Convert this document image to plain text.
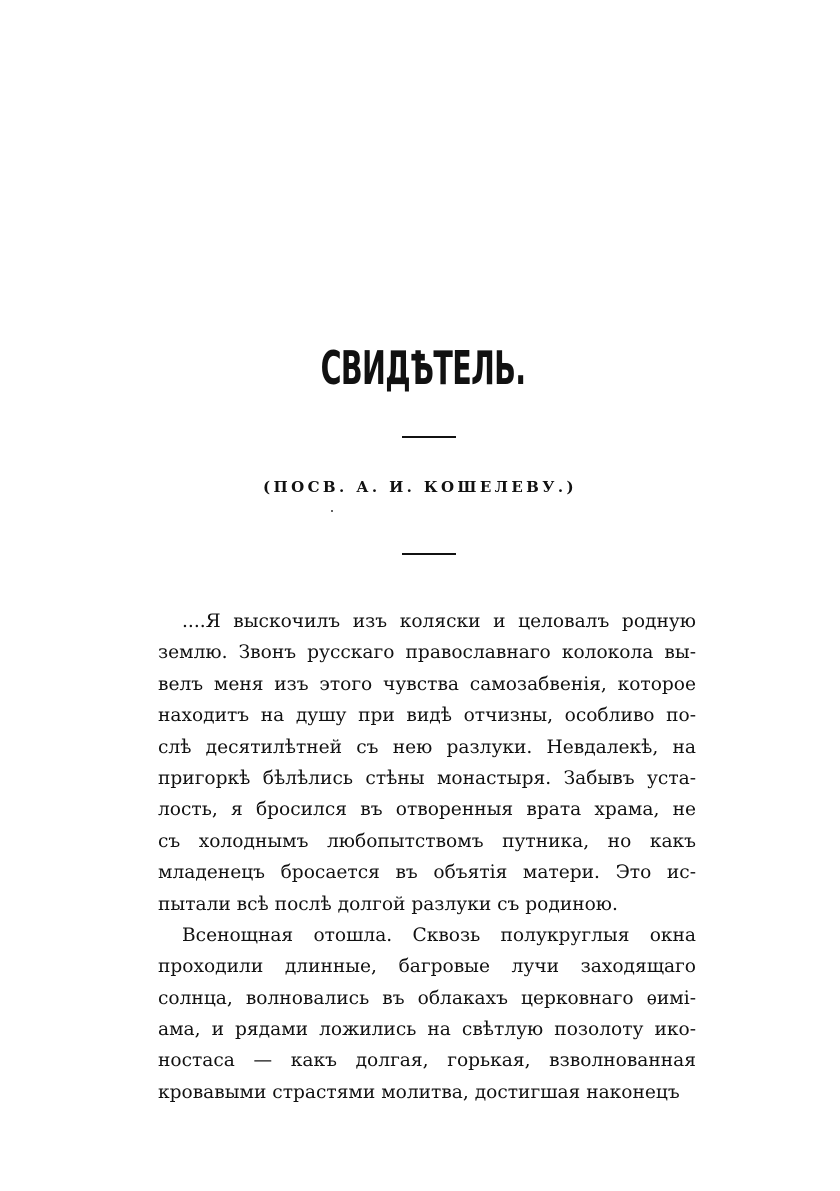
СВИДѢТЕЛЬ.

(ПОСВ. А. И. КОШЕЛЕВУ.)

....Я выскочилъ изъ коляски и целовалъ родную
землю. Звонъ русскаго православнаго колокола вы-
велъ меня изъ этого чувства самозабвенія, которое
находитъ на душу при видѣ отчизны, особливо по-
слѣ десятилѣтней съ нею разлуки. Невдалекѣ, на
пригоркѣ бѣлѣлись стѣны монастыря. Забывъ уста-
лость, я бросился въ отворенныя врата храма, не
съ холоднымъ любопытствомъ путника, но какъ
младенецъ бросается въ объятія матери. Это ис-
пытали всѣ послѣ долгой разлуки съ родиною.
Всенощная отошла. Сквозь полукруглыя окна
проходили длинные, багровые лучи заходящаго
солнца, волновались въ облакахъ церковнаго ѳимі-
ама, и рядами ложились на свѣтлую позолоту ико-
ностаса — какъ долгая, горькая, взволнованная
кровавыми страстями молитва, достигшая наконецъ
